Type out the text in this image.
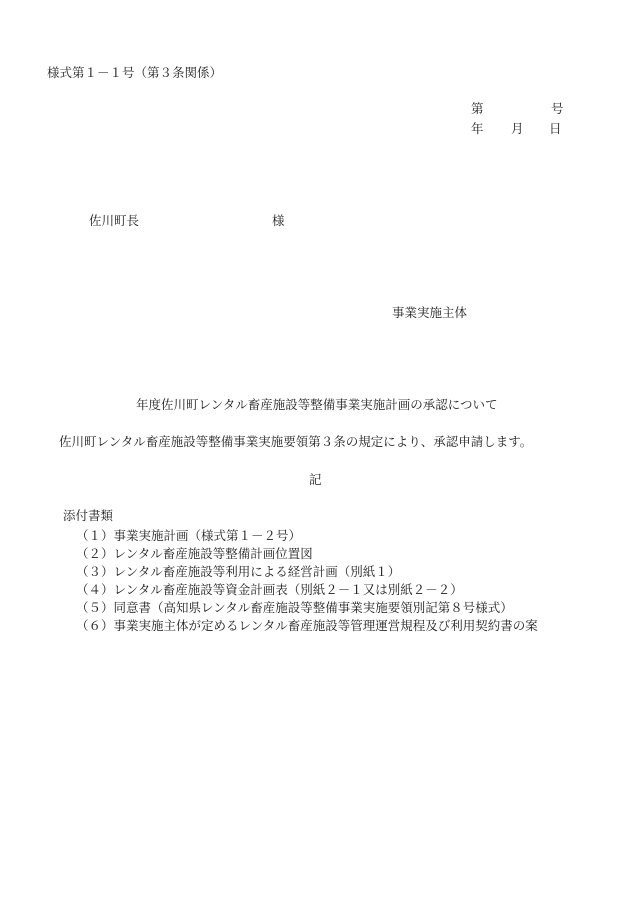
様式第１－１号（第３条関係）
第	号
年 月 日
佐川町長	様
事業実施主体
年度佐川町レンタル畜産施設等整備事業実施計画の承認について
佐川町レンタル畜産施設等整備事業実施要領第３条の規定により、承認申請します。
記
添付書類
（１）事業実施計画（様式第１－２号）
（２）レンタル畜産施設等整備計画位置図
（３）レンタル畜産施設等利用による経営計画（別紙１）
（４）レンタル畜産施設等資金計画表（別紙２－１又は別紙２－２）
（５）同意書（高知県レンタル畜産施設等整備事業実施要領別記第８号様式）
（６）事業実施主体が定めるレンタル畜産施設等管理運営規程及び利用契約書の案
